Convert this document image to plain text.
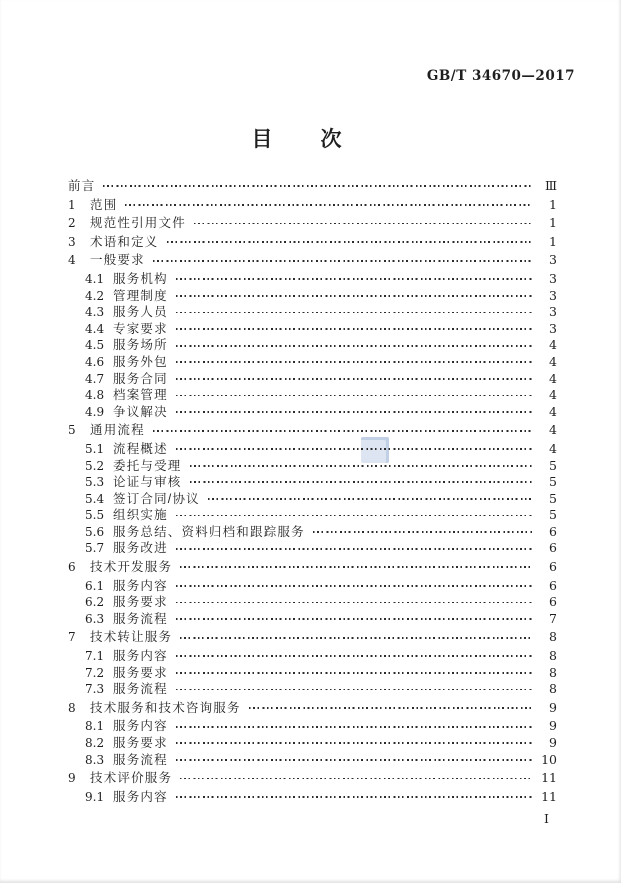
GB/T 34670—2017
目　　次
前言	Ⅲ
1	范围	1
2	规范性引用文件	1
3	术语和定义	1
4	一般要求	3
4.1 服务机构	3
4.2 管理制度	3
4.3 服务人员	3
4.4 专家要求	3
4.5 服务场所	4
4.6 服务外包	4
4.7 服务合同	4
4.8 档案管理	4
4.9 争议解决	4
5	通用流程	4
5.1 流程概述	4
5.2 委托与受理	5
5.3 论证与审核	5
5.4 签订合同/协议	5
5.5 组织实施	5
5.6 服务总结、资料归档和跟踪服务	6
5.7 服务改进	6
6	技术开发服务	6
6.1 服务内容	6
6.2 服务要求	6
6.3 服务流程	7
7	技术转让服务	8
7.1 服务内容	8
7.2 服务要求	8
7.3 服务流程	8
8	技术服务和技术咨询服务	9
8.1 服务内容	9
8.2 服务要求	9
8.3 服务流程	10
9	技术评价服务	11
9.1 服务内容	11
Ⅰ
